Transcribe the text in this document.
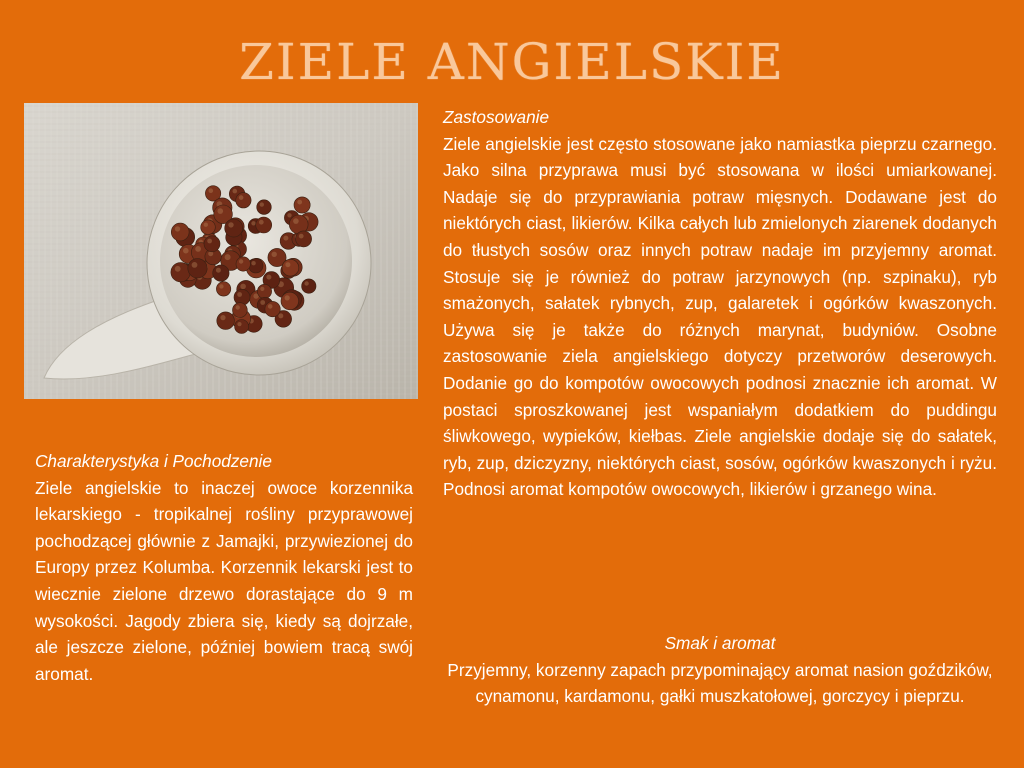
ZIELE ANGIELSKIE
Zastosowanie
Ziele angielskie jest często stosowane jako namiastka pieprzu czarnego. Jako silna przyprawa musi być stosowana w ilości umiarkowanej. Nadaje się do przyprawiania potraw mięsnych. Dodawane jest do niektórych ciast, likierów. Kilka całych lub zmielonych ziarenek dodanych do tłustych sosów oraz innych potraw nadaje im przyjemny aromat. Stosuje się je również do potraw jarzynowych (np. szpinaku), ryb smażonych, sałatek rybnych, zup, galaretek i ogórków kwaszonych. Używa się je także do różnych marynat, budyniów. Osobne zastosowanie ziela angielskiego dotyczy przetworów deserowych. Dodanie go do kompotów owocowych podnosi znacznie ich aromat. W postaci sproszkowanej jest wspaniałym dodatkiem do puddingu śliwkowego, wypieków, kiełbas. Ziele angielskie dodaje się do sałatek, ryb, zup, dziczyzny, niektórych ciast, sosów, ogórków kwaszonych i ryżu. Podnosi aromat kompotów owocowych, likierów i grzanego wina.
Charakterystyka i Pochodzenie
Ziele angielskie to inaczej owoce korzennika lekarskiego - tropikalnej rośliny przyprawowej pochodzącej głównie z Jamajki, przywiezionej do Europy przez Kolumba. Korzennik lekarski jest to wiecznie zielone drzewo dorastające do 9 m wysokości. Jagody zbiera się, kiedy są dojrzałe, ale jeszcze zielone, później bowiem tracą swój aromat.
Smak i aromat
Przyjemny, korzenny zapach przypominający aromat nasion goździków, cynamonu, kardamonu, gałki muszkatołowej, gorczycy i pieprzu.
